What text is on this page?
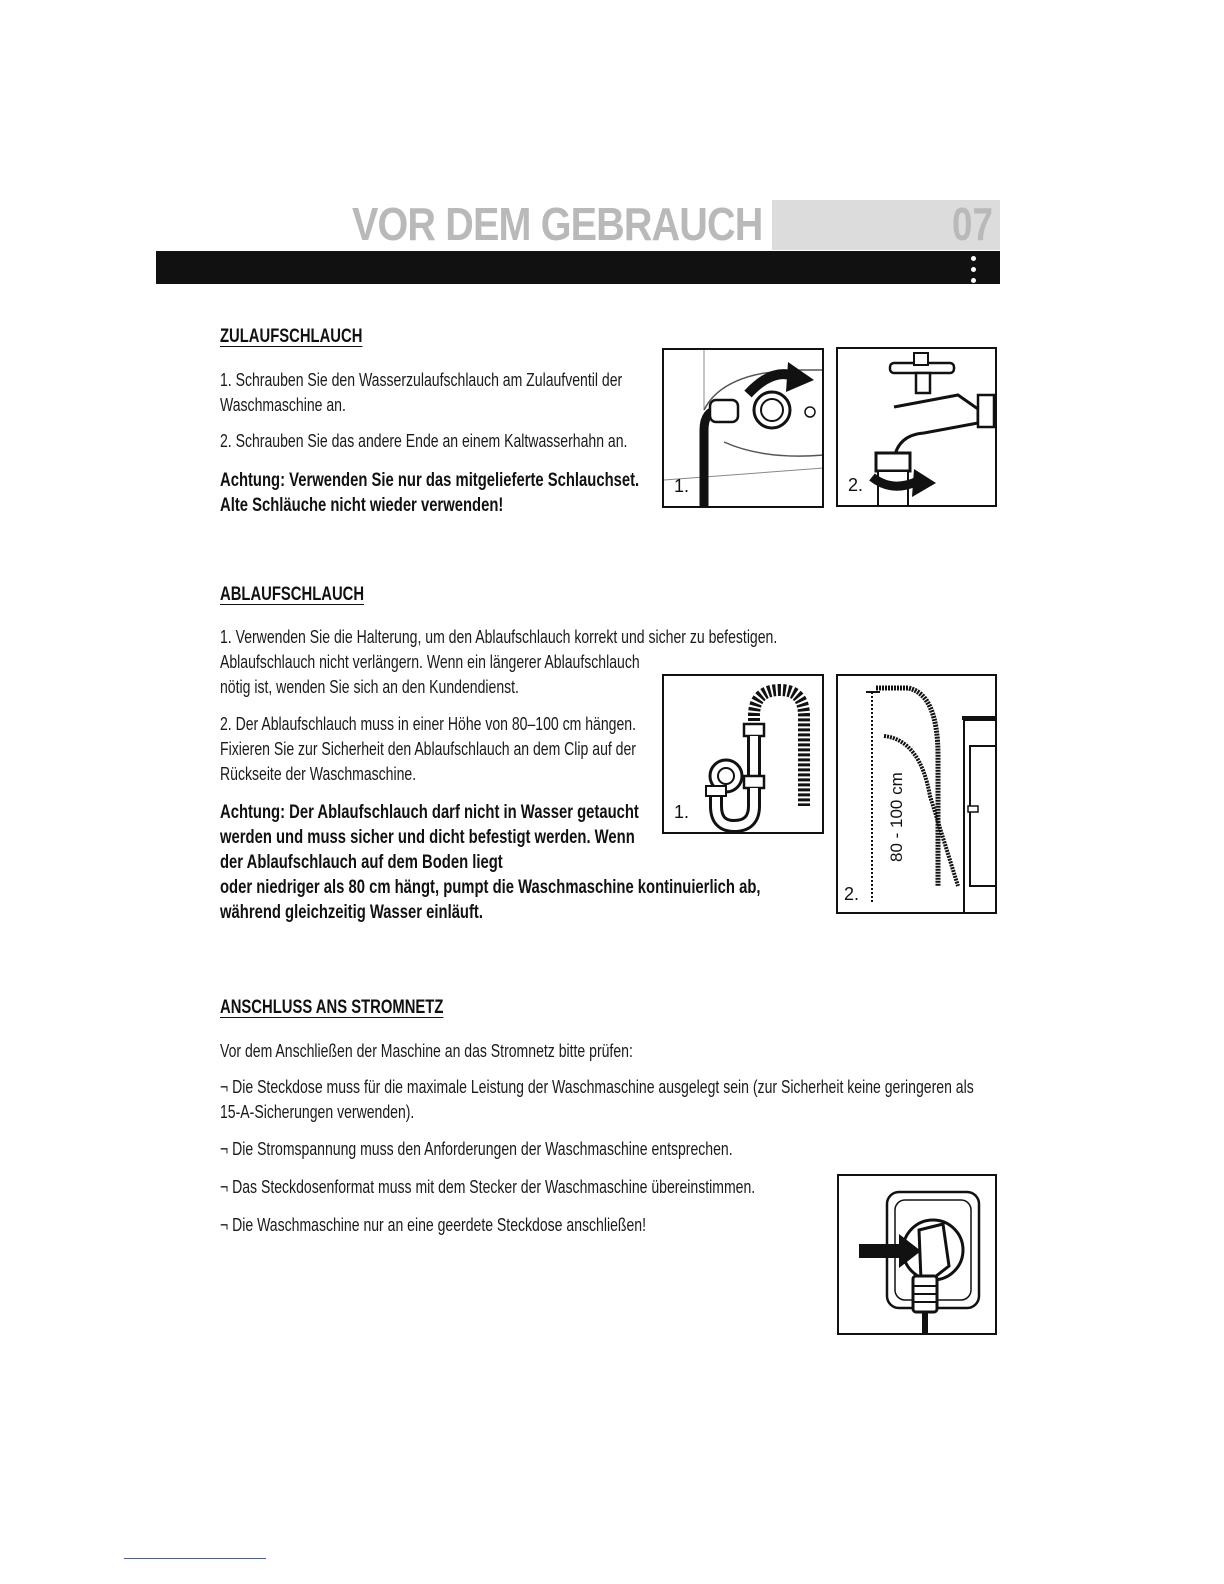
VOR DEM GEBRAUCH	07
ZULAUFSCHLAUCH

1. Schrauben Sie den Wasserzulaufschlauch am Zulaufventil der Waschmaschine an.

2. Schrauben Sie das andere Ende an einem Kaltwasserhahn an.

Achtung: Verwenden Sie nur das mitgelieferte Schlauchset. Alte Schläuche nicht wieder verwenden!

1.	2.
ABLAUFSCHLAUCH

1. Verwenden Sie die Halterung, um den Ablaufschlauch korrekt und sicher zu befestigen.

Ablaufschlauch nicht verlängern. Wenn ein längerer Ablaufschlauch nötig ist, wenden Sie sich an den Kundendienst.

2. Der Ablaufschlauch muss in einer Höhe von 80–100 cm hängen. Fixieren Sie zur Sicherheit den Ablaufschlauch an dem Clip auf der Rückseite der Waschmaschine.

Achtung: Der Ablaufschlauch darf nicht in Wasser getaucht werden und muss sicher und dicht befestigt werden. Wenn der Ablaufschlauch auf dem Boden liegt

oder niedriger als 80 cm hängt, pumpt die Waschmaschine kontinuierlich ab, während gleichzeitig Wasser einläuft.

1.	80 - 100 cm
2.
ANSCHLUSS ANS STROMNETZ

Vor dem Anschließen der Maschine an das Stromnetz bitte prüfen:

¬ Die Steckdose muss für die maximale Leistung der Waschmaschine ausgelegt sein (zur Sicherheit keine geringeren als 15-A-Sicherungen verwenden).

¬ Die Stromspannung muss den Anforderungen der Waschmaschine entsprechen.

¬ Das Steckdosenformat muss mit dem Stecker der Waschmaschine übereinstimmen.

¬ Die Waschmaschine nur an eine geerdete Steckdose anschließen!
